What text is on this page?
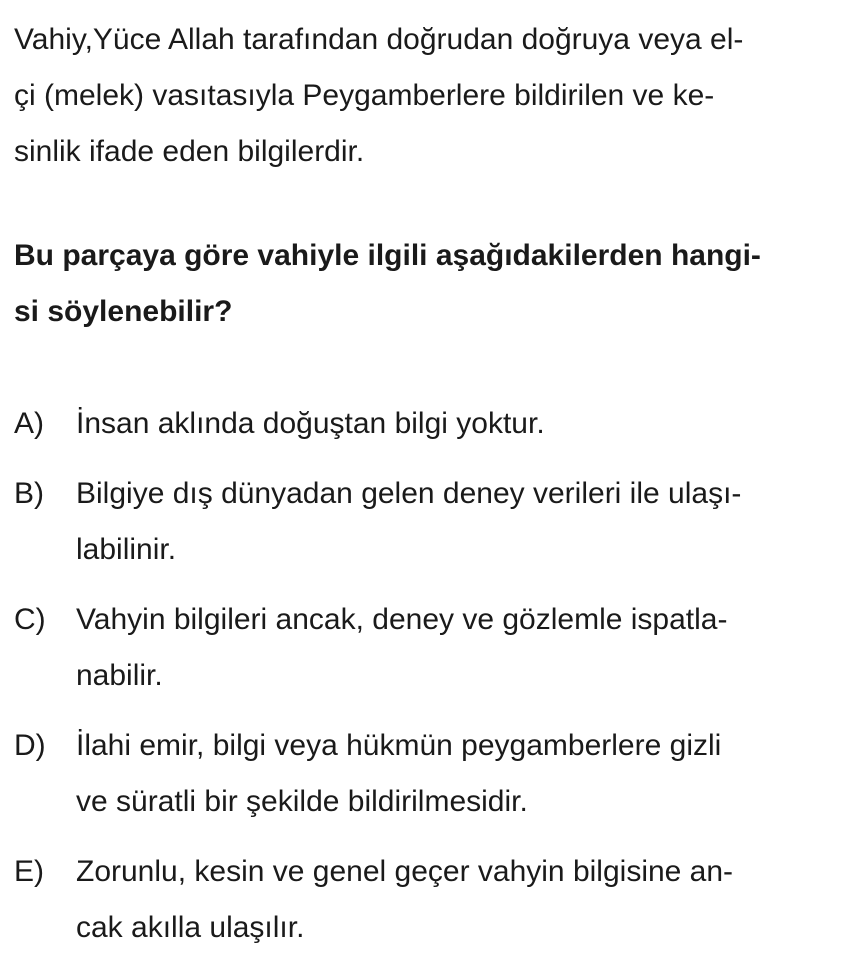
Vahiy,Yüce Allah tarafından doğrudan doğruya veya el-
çi (melek) vasıtasıyla Peygamberlere bildirilen ve ke-
sinlik ifade eden bilgilerdir.

Bu parçaya göre vahiyle ilgili aşağıdakilerden hangi-
si söylenebilir?

A)	İnsan aklında doğuştan bilgi yoktur.
B)	Bilgiye dış dünyadan gelen deney verileri ile ulaşı-
labilinir.
C)	Vahyin bilgileri ancak, deney ve gözlemle ispatla-
nabilir.
D)	İlahi emir, bilgi veya hükmün peygamberlere gizli
ve süratli bir şekilde bildirilmesidir.
E)	Zorunlu, kesin ve genel geçer vahyin bilgisine an-
cak akılla ulaşılır.
